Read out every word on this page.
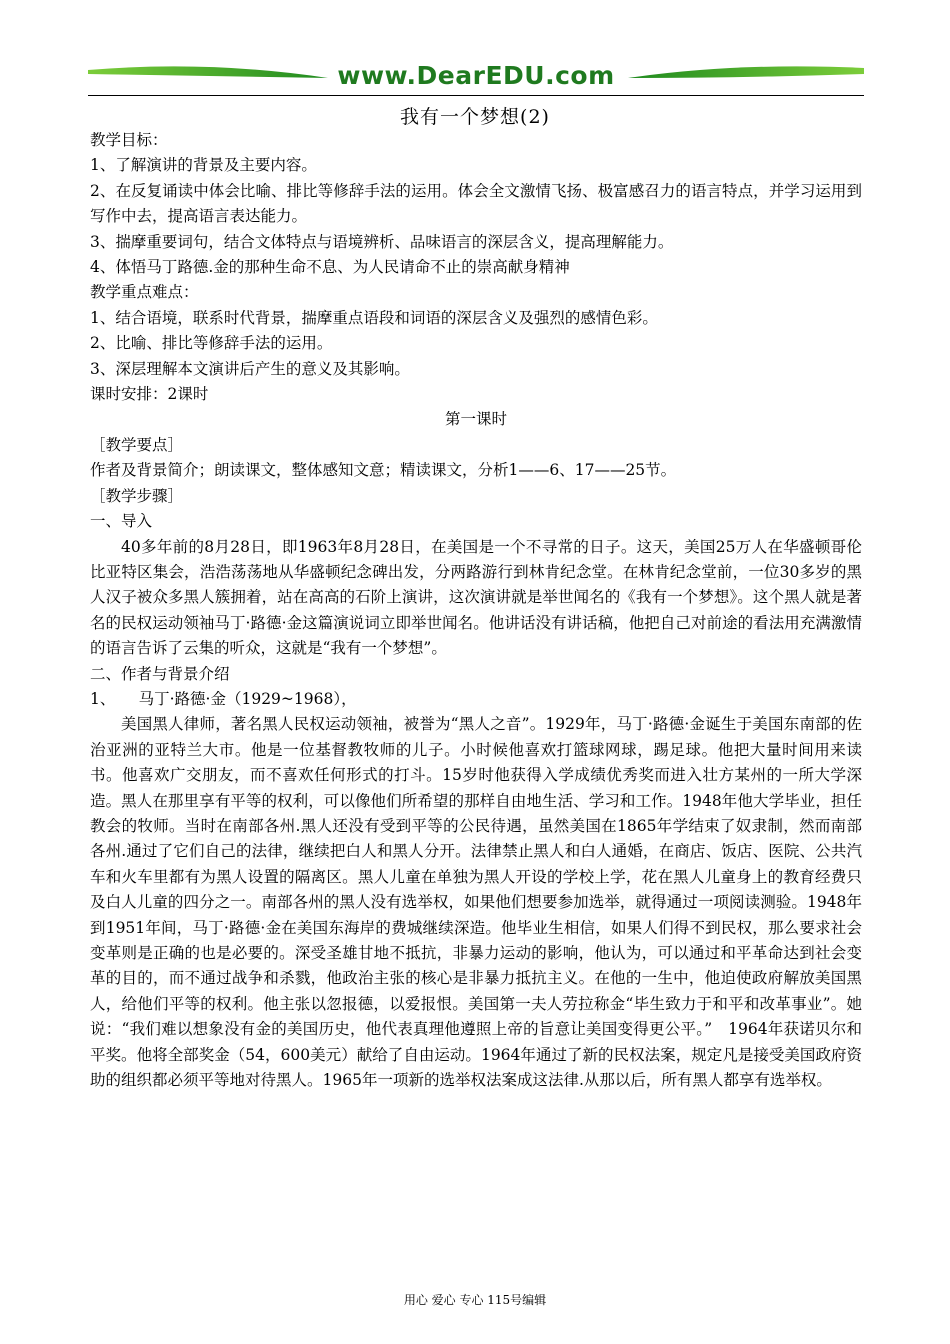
www.DearEDU.com
我有一个梦想(2)

教学目标：

1、了解演讲的背景及主要内容。

2、在反复诵读中体会比喻、排比等修辞手法的运用。体会全文激情飞扬、极富感召力的语言特点，并学习运用到写作中去，提高语言表达能力。

3、揣摩重要词句，结合文体特点与语境辨析、品味语言的深层含义，提高理解能力。

4、体悟马丁路德.金的那种生命不息、为人民请命不止的崇高献身精神

教学重点难点：

1、结合语境，联系时代背景，揣摩重点语段和词语的深层含义及强烈的感情色彩。

2、比喻、排比等修辞手法的运用。

3、深层理解本文演讲后产生的意义及其影响。

课时安排：2课时

第一课时

［教学要点］

作者及背景简介；朗读课文，整体感知文意；精读课文，分析1——6、17——25节。

［教学步骤］

一、导入

40多年前的8月28日，即1963年8月28日，在美国是一个不寻常的日子。这天，美国25万人在华盛顿哥伦比亚特区集会，浩浩荡荡地从华盛顿纪念碑出发，分两路游行到林肯纪念堂。在林肯纪念堂前，一位30多岁的黑人汉子被众多黑人簇拥着，站在高高的石阶上演讲，这次演讲就是举世闻名的《我有一个梦想》。这个黑人就是著名的民权运动领袖马丁·路德·金这篇演说词立即举世闻名。他讲话没有讲话稿，他把自己对前途的看法用充满激情的语言告诉了云集的听众，这就是“我有一个梦想”。

二、作者与背景介绍

1、　　马丁·路德·金（1929~1968），

美国黑人律师，著名黑人民权运动领袖，被誉为“黑人之音”。1929年，马丁·路德·金诞生于美国东南部的佐治亚洲的亚特兰大市。他是一位基督教牧师的儿子。小时候他喜欢打篮球网球，踢足球。他把大量时间用来读书。他喜欢广交朋友，而不喜欢任何形式的打斗。15岁时他获得入学成绩优秀奖而进入壮方某州的一所大学深造。黑人在那里享有平等的权利，可以像他们所希望的那样自由地生活、学习和工作。1948年他大学毕业，担任教会的牧师。当时在南部各州.黑人还没有受到平等的公民待遇，虽然美国在1865年学结束了奴隶制，然而南部各州.通过了它们自己的法律，继续把白人和黑人分开。法律禁止黑人和白人通婚，在商店、饭店、医院、公共汽车和火车里都有为黑人设置的隔离区。黑人儿童在单独为黑人开设的学校上学，花在黑人儿童身上的教育经费只及白人儿童的四分之一。南部各州的黑人没有选举权，如果他们想要参加选举，就得通过一项阅读测验。1948年到1951年间，马丁·路德·金在美国东海岸的费城继续深造。他毕业生相信，如果人们得不到民权，那么要求社会变革则是正确的也是必要的。深受圣雄甘地不抵抗，非暴力运动的影响，他认为，可以通过和平革命达到社会变革的目的，而不通过战争和杀戮，他政治主张的核心是非暴力抵抗主义。在他的一生中，他迫使政府解放美国黑人，给他们平等的权利。他主张以忽报德，以爱报恨。美国第一夫人劳拉称金“毕生致力于和平和改革事业”。她说：“我们难以想象没有金的美国历史，他代表真理他遵照上帝的旨意让美国变得更公平。”　1964年获诺贝尔和平奖。他将全部奖金（54，600美元）献给了自由运动。1964年通过了新的民权法案，规定凡是接受美国政府资助的组织都必须平等地对待黑人。1965年一项新的选举权法案成这法律.从那以后，所有黑人都享有选举权。

用心 爱心 专心 115号编辑
